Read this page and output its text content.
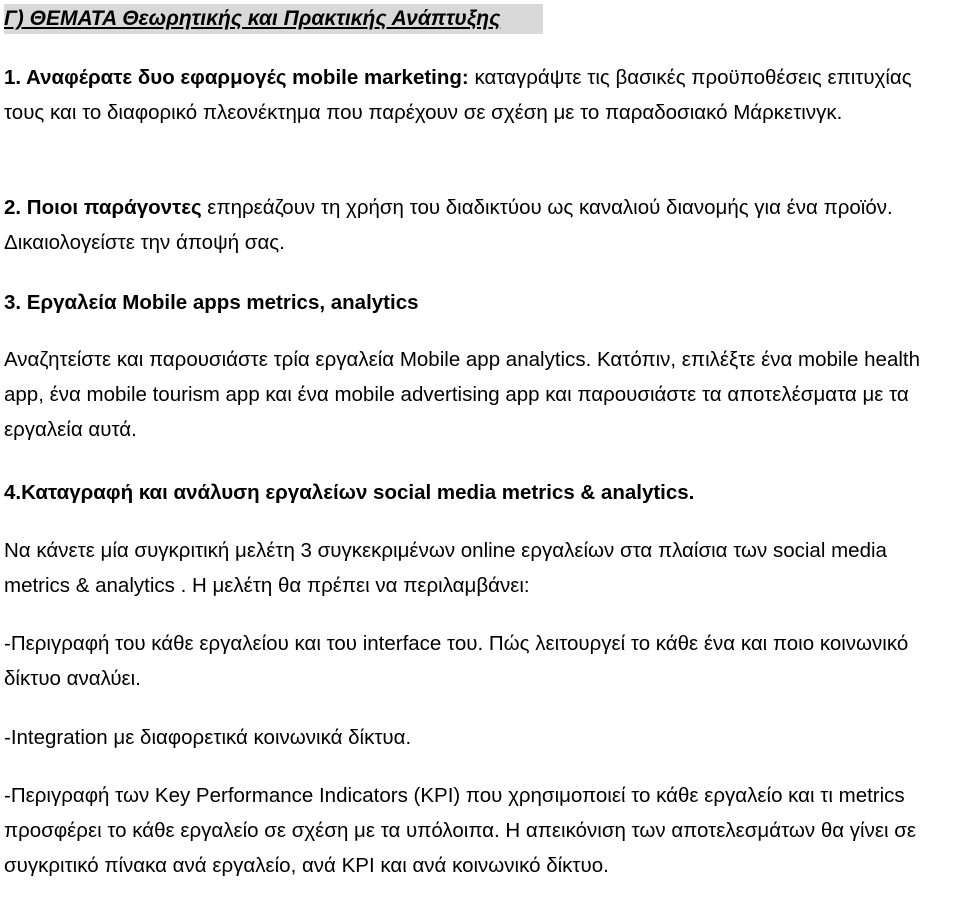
Γ) ΘΕΜΑΤΑ Θεωρητικής και Πρακτικής Ανάπτυξης

1. Αναφέρατε δυο εφαρμογές mobile marketing: καταγράψτε τις βασικές προϋποθέσεις επιτυχίας τους και το διαφορικό πλεονέκτημα που παρέχουν σε σχέση με το παραδοσιακό Μάρκετινγκ.

2. Ποιοι παράγοντες επηρεάζουν τη χρήση του διαδικτύου ως καναλιού διανομής για ένα προϊόν. Δικαιολογείστε την άποψή σας.

3. Εργαλεία Mobile apps metrics, analytics

Αναζητείστε και παρουσιάστε τρία εργαλεία Mobile app analytics. Κατόπιν, επιλέξτε ένα mobile health app, ένα mobile tourism app και ένα mobile advertising app και παρουσιάστε τα αποτελέσματα με τα εργαλεία αυτά.

4.Καταγραφή και ανάλυση εργαλείων social media metrics & analytics.

Να κάνετε μία συγκριτική μελέτη 3 συγκεκριμένων online εργαλείων στα πλαίσια των social media metrics & analytics . Η μελέτη θα πρέπει να περιλαμβάνει:

-Περιγραφή του κάθε εργαλείου και του interface του. Πώς λειτουργεί το κάθε ένα και ποιο κοινωνικό δίκτυο αναλύει.

-Integration με διαφορετικά κοινωνικά δίκτυα.

-Περιγραφή των Key Performance Indicators (KPI) που χρησιμοποιεί το κάθε εργαλείο και τι metrics προσφέρει το κάθε εργαλείο σε σχέση με τα υπόλοιπα. Η απεικόνιση των αποτελεσμάτων θα γίνει σε συγκριτικό πίνακα ανά εργαλείο, ανά KPI και ανά κοινωνικό δίκτυο.
